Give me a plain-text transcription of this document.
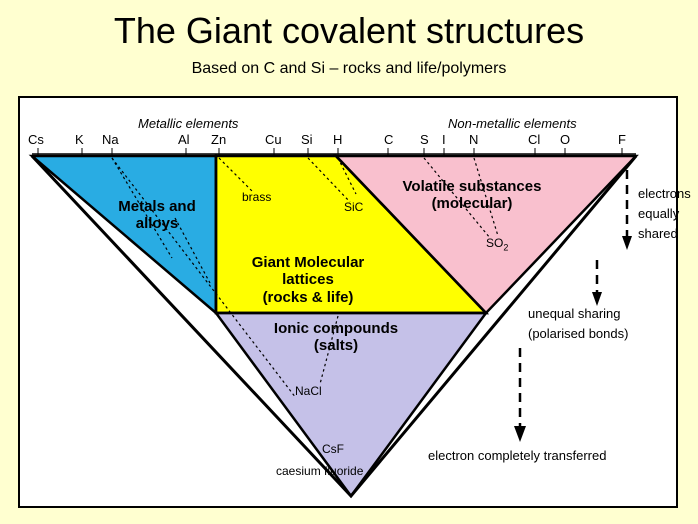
The Giant covalent structures
Based on C and Si – rocks and life/polymers
Metallic elements	Non-metallic elements
Cs K Na	Al Zn	Cu Si H	C S I N	Cl O	F
Metals and
alloys
Giant Molecular
lattices
(rocks & life)
Volatile substances
(molecular)
Ionic compounds
(salts)
brass
SiC
$SO_2$
NaCl
CsF
caesium fluoride
electrons
equally
shared
unequal sharing
(polarised bonds)
electron completely transferred
